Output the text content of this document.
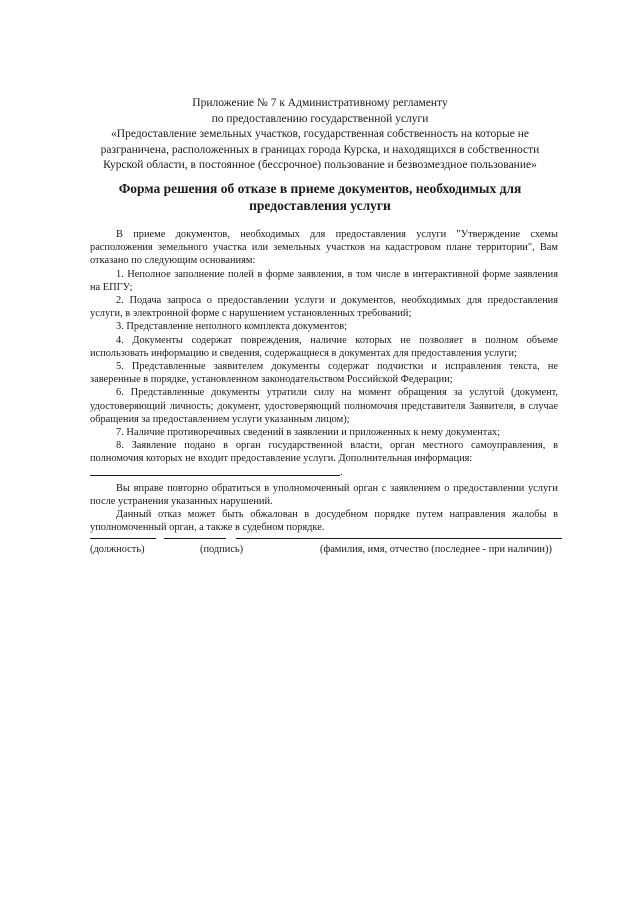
Приложение № 7 к Административному регламенту
по предоставлению государственной услуги
«Предоставление земельных участков, государственная собственность на которые не
разграничена, расположенных в границах города Курска, и находящихся в собственности
Курской области, в постоянное (бессрочное) пользование и безвозмездное пользование»
Форма решения об отказе в приеме документов, необходимых для
предоставления услуги

В приеме документов, необходимых для предоставления услуги "Утверждение схемы расположения земельного участка или земельных участков на кадастровом плане территории", Вам отказано по следующим основаниям:

1. Неполное заполнение полей в форме заявления, в том числе в интерактивной форме заявления на ЕПГУ;

2. Подача запроса о предоставлении услуги и документов, необходимых для предоставления услуги, в электронной форме с нарушением установленных требований;

3. Представление неполного комплекта документов;

4. Документы содержат повреждения, наличие которых не позволяет в полном объеме использовать информацию и сведения, содержащиеся в документах для предоставления услуги;

5. Представленные заявителем документы содержат подчистки и исправления текста, не заверенные в порядке, установленном законодательством Российской Федерации;

6. Представленные документы утратили силу на момент обращения за услугой (документ, удостоверяющий личность; документ, удостоверяющий полномочия представителя Заявителя, в случае обращения за предоставлением услуги указанным лицом);

7. Наличие противоречивых сведений в заявлении и приложенных к нему документах;

8. Заявление подано в орган государственной власти, орган местного самоуправления, в полномочия которых не входит предоставление услуги. Дополнительная информация:

.

Вы вправе повторно обратиться в уполномоченный орган с заявлением о предоставлении услуги после устранения указанных нарушений.

Данный отказ может быть обжалован в досудебном порядке путем направления жалобы в уполномоченный орган, а также в судебном порядке.

(должность)	(подпись)	(фамилия, имя, отчество (последнее - при наличии))
